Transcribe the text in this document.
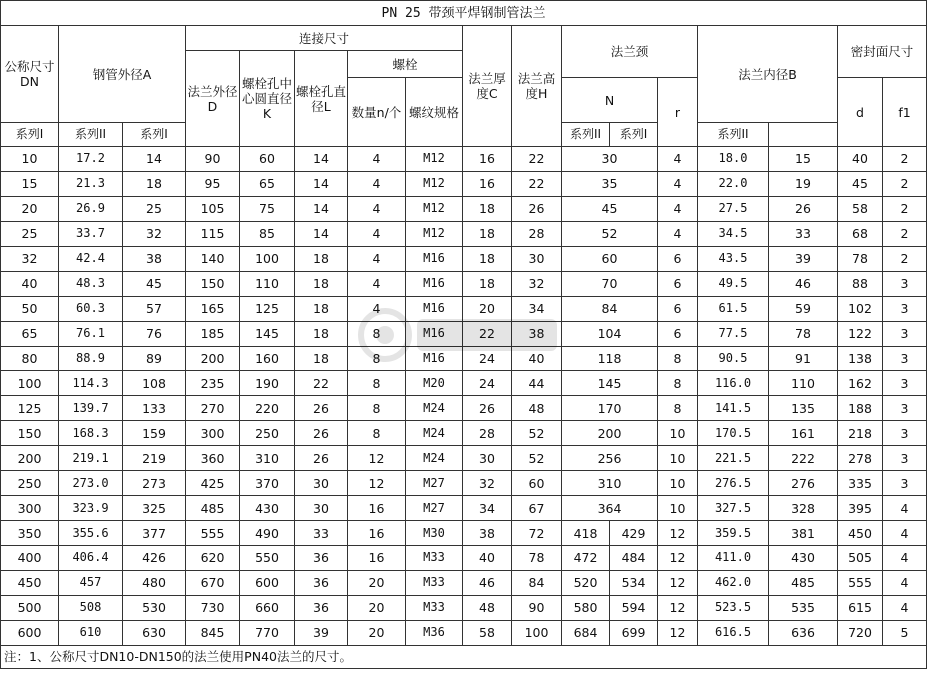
PN 25 带颈平焊钢制管法兰																
公称尺寸DN	钢管外径A		连接尺寸					法兰厚度C	法兰高度H	法兰颈			法兰内径B		密封面尺寸	
			法兰外径D	螺栓孔中心圆直径K	螺栓孔直径L	螺栓										
						数量n/个	螺纹规格			N		r			d	f1
系列I	系列II	系列I								系列II	系列I		系列II			
10	17.2	14	90	60	14	4	M12	16	22	30		4	18.0	15	40	2
15	21.3	18	95	65	14	4	M12	16	22	35		4	22.0	19	45	2
20	26.9	25	105	75	14	4	M12	18	26	45		4	27.5	26	58	2
25	33.7	32	115	85	14	4	M12	18	28	52		4	34.5	33	68	2
32	42.4	38	140	100	18	4	M16	18	30	60		6	43.5	39	78	2
40	48.3	45	150	110	18	4	M16	18	32	70		6	49.5	46	88	3
50	60.3	57	165	125	18	4	M16	20	34	84		6	61.5	59	102	3
65	76.1	76	185	145	18	8	M16	22	38	104		6	77.5	78	122	3
80	88.9	89	200	160	18	8	M16	24	40	118		8	90.5	91	138	3
100	114.3	108	235	190	22	8	M20	24	44	145		8	116.0	110	162	3
125	139.7	133	270	220	26	8	M24	26	48	170		8	141.5	135	188	3
150	168.3	159	300	250	26	8	M24	28	52	200		10	170.5	161	218	3
200	219.1	219	360	310	26	12	M24	30	52	256		10	221.5	222	278	3
250	273.0	273	425	370	30	12	M27	32	60	310		10	276.5	276	335	3
300	323.9	325	485	430	30	16	M27	34	67	364		10	327.5	328	395	4
350	355.6	377	555	490	33	16	M30	38	72	418	429	12	359.5	381	450	4
400	406.4	426	620	550	36	16	M33	40	78	472	484	12	411.0	430	505	4
450	457	480	670	600	36	20	M33	46	84	520	534	12	462.0	485	555	4
500	508	530	730	660	36	20	M33	48	90	580	594	12	523.5	535	615	4
600	610	630	845	770	39	20	M36	58	100	684	699	12	616.5	636	720	5
注：1、公称尺寸DN10-DN150的法兰使用PN40法兰的尺寸。																
